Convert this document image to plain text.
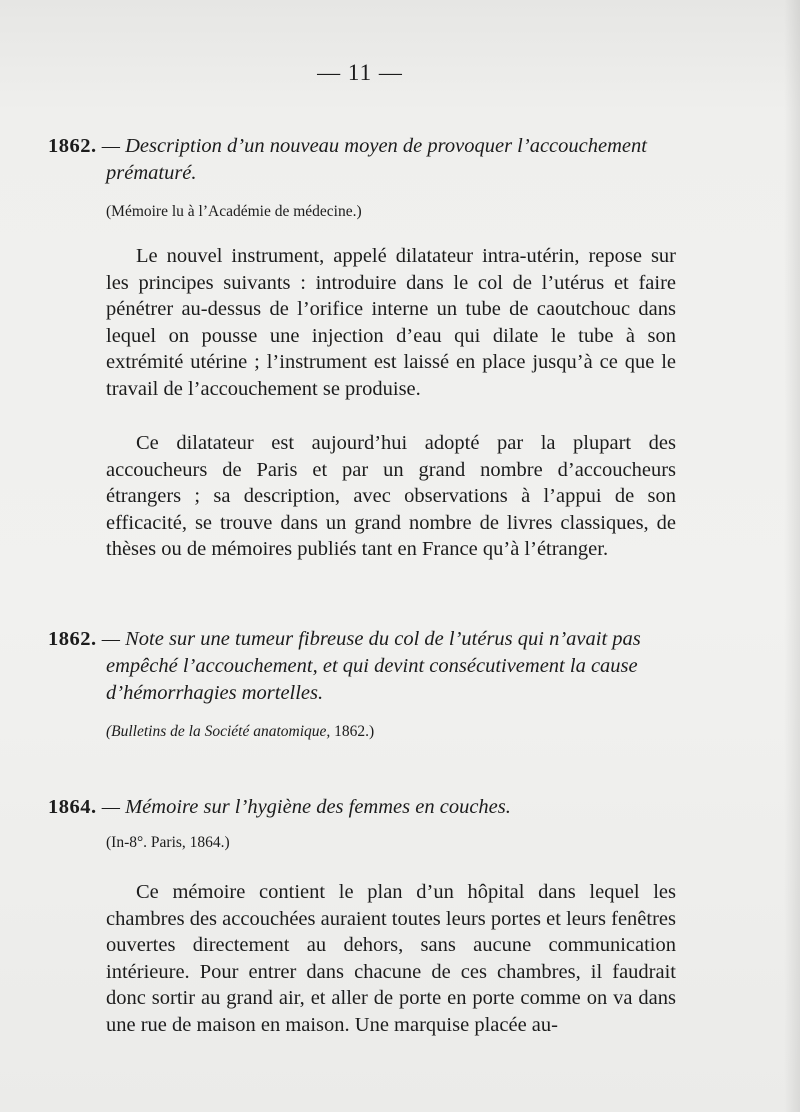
— 11 —
1862. — Description d’un nouveau moyen de provoquer l’accouchement
prématuré.
(Mémoire lu à l’Académie de médecine.)

Le nouvel instrument, appelé dilatateur intra-utérin, repose sur les principes suivants : introduire dans le col de l’utérus et faire pénétrer au-dessus de l’orifice interne un tube de caoutchouc dans lequel on pousse une injection d’eau qui dilate le tube à son extrémité utérine ; l’instrument est laissé en place jusqu’à ce que le travail de l’accouchement se produise.

Ce dilatateur est aujourd’hui adopté par la plupart des accoucheurs de Paris et par un grand nombre d’accoucheurs étrangers ; sa description, avec observations à l’appui de son efficacité, se trouve dans un grand nombre de livres classiques, de thèses ou de mémoires publiés tant en France qu’à l’étranger.

1862. — Note sur une tumeur fibreuse du col de l’utérus qui n’avait pas
empêché l’accouchement, et qui devint consécutivement la cause
d’hémorrhagies mortelles.
(Bulletins de la Société anatomique, 1862.)
1864. — Mémoire sur l’hygiène des femmes en couches.
(In-8°. Paris, 1864.)

Ce mémoire contient le plan d’un hôpital dans lequel les chambres des accouchées auraient toutes leurs portes et leurs fenêtres ouvertes directement au dehors, sans aucune communication intérieure. Pour entrer dans chacune de ces chambres, il faudrait donc sortir au grand air, et aller de porte en porte comme on va dans une rue de maison en maison. Une marquise placée au-
